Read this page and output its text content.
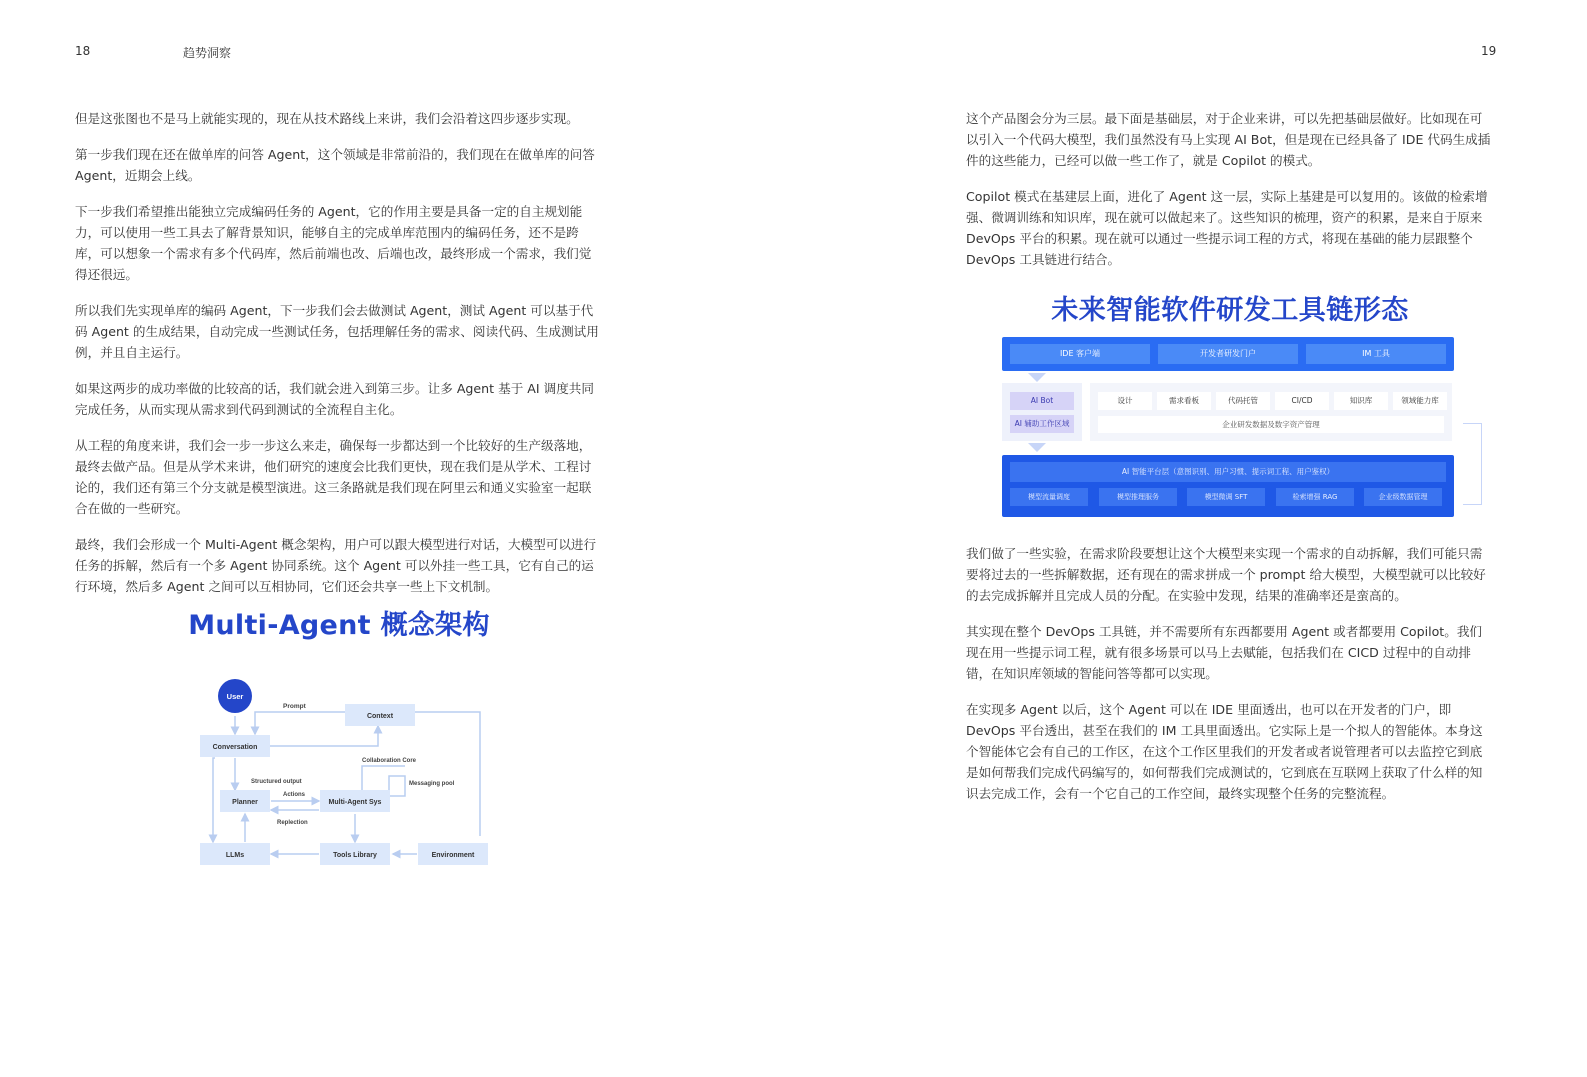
18	趋势洞察	19

但是这张图也不是马上就能实现的，现在从技术路线上来讲，我们会沿着这四步逐步实现。

第一步我们现在还在做单库的问答 Agent，这个领域是非常前沿的，我们现在在做单库的问答 Agent，近期会上线。

下一步我们希望推出能独立完成编码任务的 Agent，它的作用主要是具备一定的自主规划能力，可以使用一些工具去了解背景知识，能够自主的完成单库范围内的编码任务，还不是跨库，可以想象一个需求有多个代码库，然后前端也改、后端也改，最终形成一个需求，我们觉得还很远。

所以我们先实现单库的编码 Agent，下一步我们会去做测试 Agent，测试 Agent 可以基于代码 Agent 的生成结果，自动完成一些测试任务，包括理解任务的需求、阅读代码、生成测试用例，并且自主运行。

如果这两步的成功率做的比较高的话，我们就会进入到第三步。让多 Agent 基于 AI 调度共同完成任务，从而实现从需求到代码到测试的全流程自主化。

从工程的角度来讲，我们会一步一步这么来走，确保每一步都达到一个比较好的生产级落地，最终去做产品。但是从学术来讲，他们研究的速度会比我们更快，现在我们是从学术、工程讨论的，我们还有第三个分支就是模型演进。这三条路就是我们现在阿里云和通义实验室一起联合在做的一些研究。

最终，我们会形成一个 Multi-Agent 概念架构，用户可以跟大模型进行对话，大模型可以进行任务的拆解，然后有一个多 Agent 协同系统。这个 Agent 可以外挂一些工具，它有自己的运行环境，然后多 Agent 之间可以互相协同，它们还会共享一些上下文机制。

Multi-Agent 概念架构
User
Context
Conversation
Planner	Multi-Agent Sys
LLMs	Tools Library	Environment
Prompt
Collaboration Core
Messaging pool
Structured output
Actions
Replection

这个产品图会分为三层。最下面是基础层，对于企业来讲，可以先把基础层做好。比如现在可以引入一个代码大模型，我们虽然没有马上实现 AI Bot，但是现在已经具备了 IDE 代码生成插件的这些能力，已经可以做一些工作了，就是 Copilot 的模式。

Copilot 模式在基建层上面，进化了 Agent 这一层，实际上基建是可以复用的。该做的检索增强、微调训练和知识库，现在就可以做起来了。这些知识的梳理，资产的积累，是来自于原来 DevOps 平台的积累。现在就可以通过一些提示词工程的方式，将现在基础的能力层跟整个 DevOps 工具链进行结合。

未来智能软件研发工具链形态
IDE 客户端	开发者研发门户	IM 工具
AI Bot
AI 辅助工作区域
设计	需求看板	代码托管	CI/CD	知识库	领域能力库
企业研发数据及数字资产管理
AI 智能平台层（意图识别、用户习惯、提示词工程、用户鉴权）
模型流量调度	模型推理服务	模型微调 SFT	检索增强 RAG	企业级数据管理

我们做了一些实验，在需求阶段要想让这个大模型来实现一个需求的自动拆解，我们可能只需要将过去的一些拆解数据，还有现在的需求拼成一个 prompt 给大模型，大模型就可以比较好的去完成拆解并且完成人员的分配。在实验中发现，结果的准确率还是蛮高的。

其实现在整个 DevOps 工具链，并不需要所有东西都要用 Agent 或者都要用 Copilot。我们现在用一些提示词工程，就有很多场景可以马上去赋能，包括我们在 CICD 过程中的自动排错，在知识库领域的智能问答等都可以实现。

在实现多 Agent 以后，这个 Agent 可以在 IDE 里面透出，也可以在开发者的门户，即 DevOps 平台透出，甚至在我们的 IM 工具里面透出。它实际上是一个拟人的智能体。本身这个智能体它会有自己的工作区，在这个工作区里我们的开发者或者说管理者可以去监控它到底是如何帮我们完成代码编写的，如何帮我们完成测试的，它到底在互联网上获取了什么样的知识去完成工作，会有一个它自己的工作空间，最终实现整个任务的完整流程。
